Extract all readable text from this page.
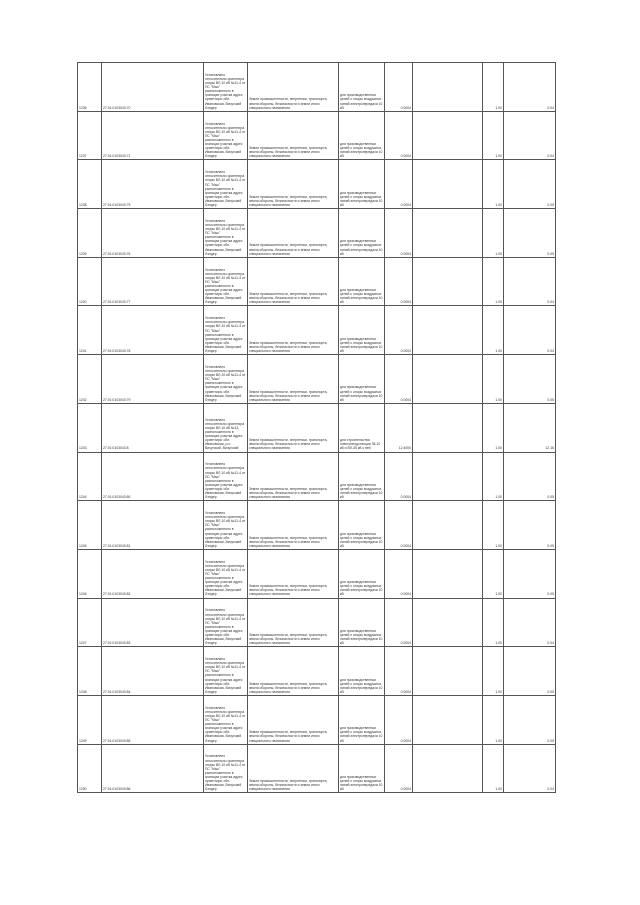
1236	27:01:0103043:70	Установлено относительно ориентира опоры ВЛ-10 кВ №11-4 от ПС "Мыс" расположенного в границах участка адрес ориентира: обл. Ивановская, Вичугский Лэндер	Земли промышленности, энергетики, транспорта, земли обороны, безопасности и земли иного специального назначения	для производственных целей с опоры воздушных линий электропередачи 10 кВ	0.0004		1.00	0.04
1237	27:01:0103043:71	Установлено относительно ориентира опоры ВЛ-10 кВ №11-4 от ПС "Мыс" расположенного в границах участка адрес ориентира: обл. Ивановская, Вичугский Лэндер	Земли промышленности, энергетики, транспорта, земли обороны, безопасности и земли иного специального назначения	для производственных целей с опоры воздушных линий электропередачи 10 кВ	0.0004		1.00	0.04
1238	27:01:0103043:75	Установлено относительно ориентира опоры ВЛ-10 кВ №11-4 от ПС "Мыс" расположенного в границах участка адрес ориентира: обл. Ивановская, Вичугский Лэндер	Земли промышленности, энергетики, транспорта, земли обороны, безопасности и земли иного специального назначения	для производственных целей с опоры воздушных линий электропередачи 10 кВ	0.0004		1.00	0.05
1239	27:01:0103043:76	Установлено относительно ориентира опоры ВЛ-10 кВ №11-4 от ПС "Мыс" расположенного в границах участка адрес ориентира: обл. Ивановская, Вичугский Лэндер	Земли промышленности, энергетики, транспорта, земли обороны, безопасности и земли иного специального назначения	для производственных целей с опоры воздушных линий электропередачи 10 кВ	0.0004		1.00	0.05
1240	27:01:0103043:77	Установлено относительно ориентира опоры ВЛ-10 кВ №11-4 от ПС "Мыс" расположенного в границах участка адрес ориентира: обл. Ивановская, Вичугский Лэндер	Земли промышленности, энергетики, транспорта, земли обороны, безопасности и земли иного специального назначения	для производственных целей с опоры воздушных линий электропередачи 10 кВ	0.0004		1.00	0.04
1241	27:01:0103043:78	Установлено относительно ориентира опоры ВЛ-10 кВ №11-4 от ПС "Мыс" расположенного в границах участка адрес ориентира: обл. Ивановская, Вичугский Лэндер	Земли промышленности, энергетики, транспорта, земли обороны, безопасности и земли иного специального назначения	для производственных целей с опоры воздушных линий электропередачи 10 кВ	0.0004		1.00	0.04
1242	27:01:0103043:79	Установлено относительно ориентира опоры ВЛ-10 кВ №11-4 от ПС "Мыс" расположенного в границах участка адрес ориентира: обл. Ивановская, Вичугский Лэндер	Земли промышленности, энергетики, транспорта, земли обороны, безопасности и земли иного специального назначения	для производственных целей с опоры воздушных линий электропередачи 10 кВ	0.0004		1.00	0.05
1243	27:01:0103043:8	Установлено относительно ориентира опоры ВЛ-10 кВ №13, расположенного в границах участка адрес ориентира: обл. Ивановская, р-н Вичугский, Вичугский	Земли промышленности, энергетики, транспорта, земли обороны, безопасности и земли иного специального назначения	для строительства электроподстанции 35-10 кВ и ВЛ-35 кВ к ней	12.4000		1.00	12.16
1244	27:01:0103043:80	Установлено относительно ориентира опоры ВЛ-10 кВ №11-4 от ПС "Мыс" расположенного в границах участка адрес ориентира: обл. Ивановская, Вичугский Лэндер	Земли промышленности, энергетики, транспорта, земли обороны, безопасности и земли иного специального назначения	для производственных целей с опоры воздушных линий электропередачи 10 кВ	0.0004		1.00	0.05
1245	27:01:0103043:81	Установлено относительно ориентира опоры ВЛ-10 кВ №11-4 от ПС "Мыс" расположенного в границах участка адрес ориентира: обл. Ивановская, Вичугский Лэндер	Земли промышленности, энергетики, транспорта, земли обороны, безопасности и земли иного специального назначения	для производственных целей с опоры воздушных линий электропередачи 10 кВ	0.0004		1.00	0.05
1246	27:01:0103043:82	Установлено относительно ориентира опоры ВЛ-10 кВ №11-4 от ПС "Мыс" расположенного в границах участка адрес ориентира: обл. Ивановская, Вичугский Лэндер	Земли промышленности, энергетики, транспорта, земли обороны, безопасности и земли иного специального назначения	для производственных целей с опоры воздушных линий электропередачи 10 кВ	0.0004		1.00	0.05
1247	27:01:0103043:83	Установлено относительно ориентира опоры ВЛ-10 кВ №11-4 от ПС "Мыс" расположенного в границах участка адрес ориентира: обл. Ивановская, Вичугский Лэндер	Земли промышленности, энергетики, транспорта, земли обороны, безопасности и земли иного специального назначения	для производственных целей с опоры воздушных линий электропередачи 10 кВ	0.0004		1.00	0.04
1248	27:01:0103043:84	Установлено относительно ориентира опоры ВЛ-10 кВ №11-4 от ПС "Мыс" расположенного в границах участка адрес ориентира: обл. Ивановская, Вичугский Лэндер	Земли промышленности, энергетики, транспорта, земли обороны, безопасности и земли иного специального назначения	для производственных целей с опоры воздушных линий электропередачи 10 кВ	0.0004		1.00	0.05
1249	27:01:0103043:85	Установлено относительно ориентира опоры ВЛ-10 кВ №11-4 от ПС "Мыс" расположенного в границах участка адрес ориентира: обл. Ивановская, Вичугский Лэндер	Земли промышленности, энергетики, транспорта, земли обороны, безопасности и земли иного специального назначения	для производственных целей с опоры воздушных линий электропередачи 10 кВ	0.0004		1.00	0.05
1250	27:01:0103043:86	Установлено относительно ориентира опоры ВЛ-10 кВ №11-4 от ПС "Мыс" расположенного в границах участка адрес ориентира: обл. Ивановская, Вичугский Лэндер	Земли промышленности, энергетики, транспорта, земли обороны, безопасности и земли иного специального назначения	для производственных целей с опоры воздушных линий электропередачи 10 кВ	0.0004		1.00	0.04
